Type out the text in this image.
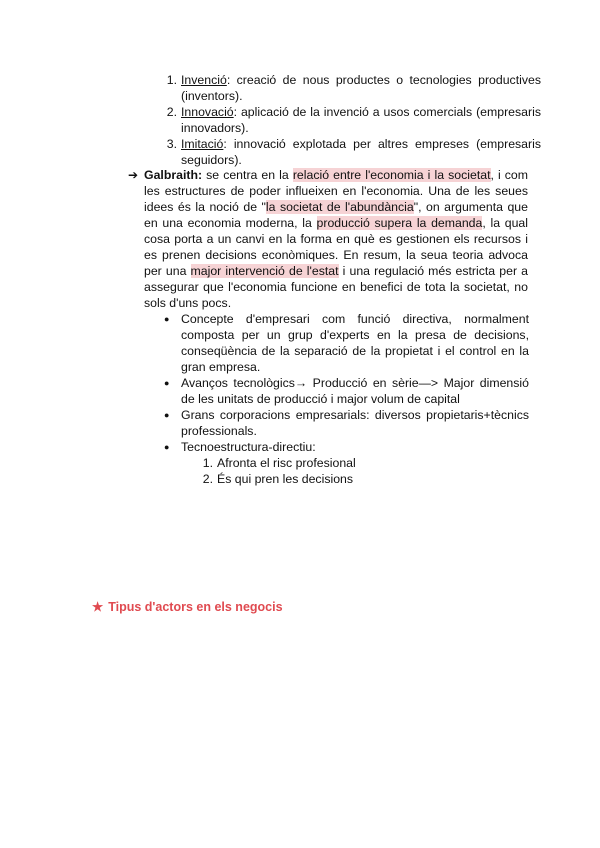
1. Invenció: creació de nous productes o tecnologies productives (inventors).
2. Innovació: aplicació de la invenció a usos comercials (empresaris innovadors).
3. Imitació: innovació explotada per altres empreses (empresaris seguidors).
➔ Galbraith: se centra en la relació entre l'economia i la societat, i com les estructures de poder influeixen en l'economia. Una de les seues idees és la noció de "la societat de l'abundància", on argumenta que en una economia moderna, la producció supera la demanda, la qual cosa porta a un canvi en la forma en què es gestionen els recursos i es prenen decisions econòmiques. En resum, la seua teoria advoca per una major intervenció de l'estat i una regulació més estricta per a assegurar que l'economia funcione en benefici de tota la societat, no sols d'uns pocs.
● Concepte d'empresari com funció directiva, normalment composta per un grup d'experts en la presa de decisions, conseqüència de la separació de la propietat i el control en la gran empresa.
● Avanços tecnològics→ Producció en sèrie—> Major dimensió de les unitats de producció i major volum de capital
● Grans corporacions empresarials: diversos propietaris+tècnics professionals.
● Tecnoestructura-directiu:
1. Afronta el risc profesional
2. És qui pren les decisions
★ Tipus d'actors en els negocis
